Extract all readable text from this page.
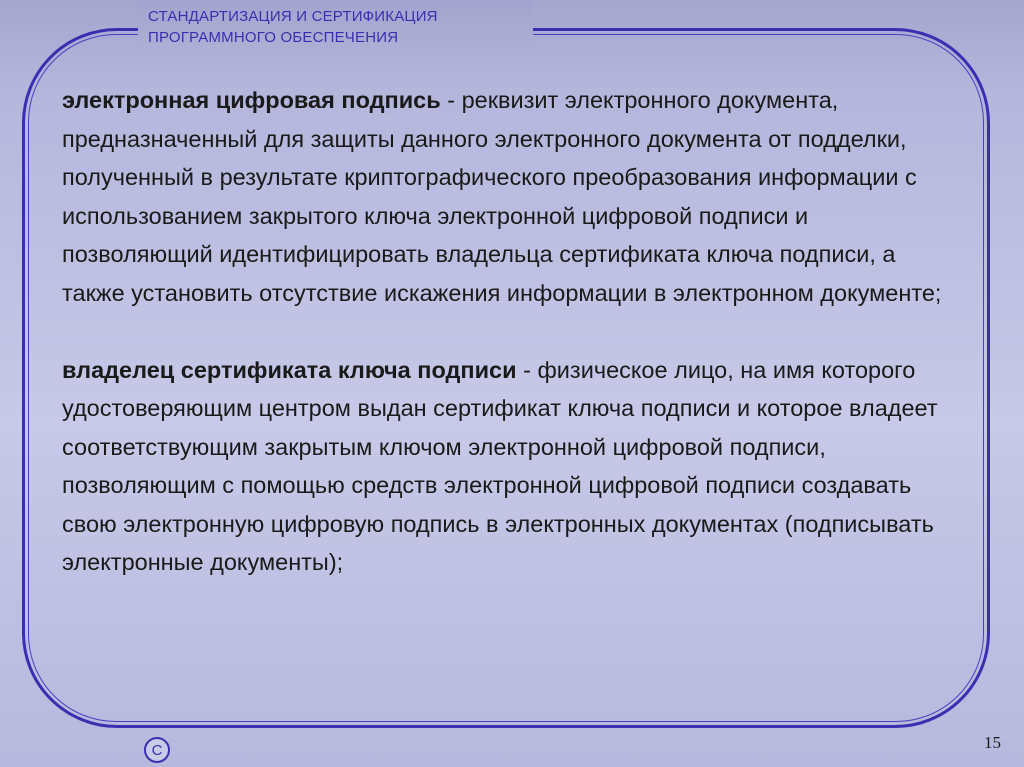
СТАНДАРТИЗАЦИЯ И СЕРТИФИКАЦИЯ
ПРОГРАММНОГО ОБЕСПЕЧЕНИЯ

электронная цифровая подпись - реквизит электронного документа, предназначенный для защиты данного электронного документа от подделки, полученный в результате криптографического преобразования информации с использованием закрытого ключа электронной цифровой подписи и позволяющий идентифицировать владельца сертификата ключа подписи, а также установить отсутствие искажения информации в электронном документе;

владелец сертификата ключа подписи - физическое лицо, на имя которого удостоверяющим центром выдан сертификат ключа подписи и которое владеет соответствующим закрытым ключом электронной цифровой подписи, позволяющим с помощью средств электронной цифровой подписи создавать свою электронную цифровую подпись в электронных документах (подписывать электронные документы);

C	15
